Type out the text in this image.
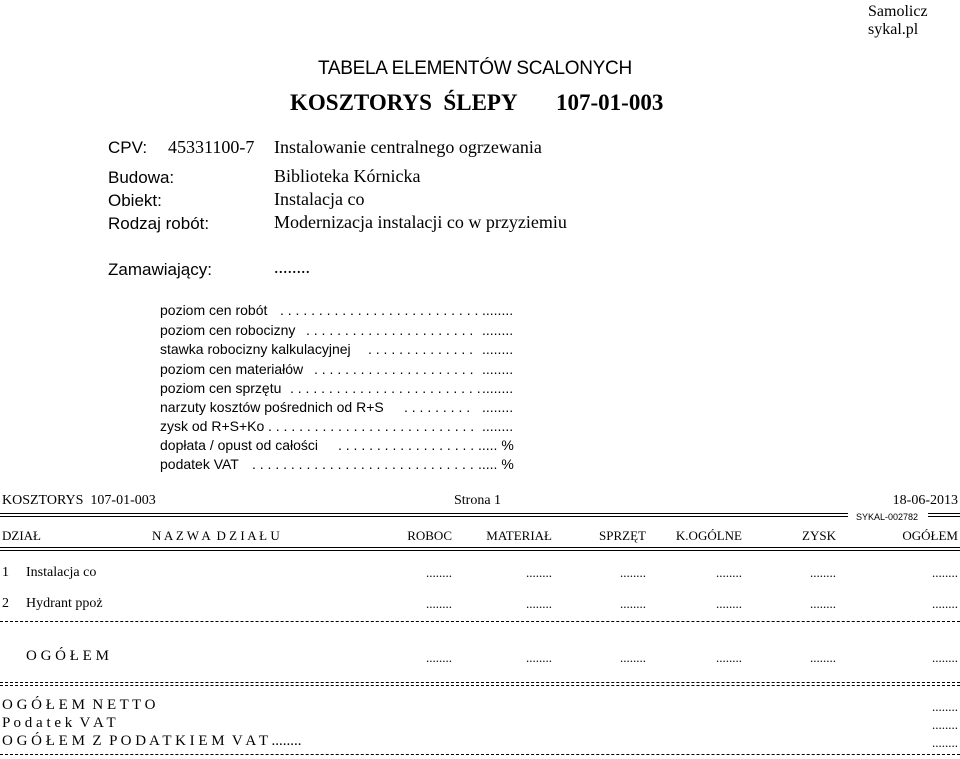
Samolicz
sykal.pl
TABELA ELEMENTÓW SCALONYCH
KOSZTORYS  ŚLEPY 107-01-003
CPV: 45331100-7 Instalowanie centralnego ogrzewania
Budowa:	Biblioteka Kórnicka
Obiekt:	Instalacja co
Rodzaj robót:	Modernizacja instalacji co w przyziemiu
Zamawiający:	........
poziom cen robót . . . . . . . . . . . . . . . . . . . . . . . . . . ........
poziom cen robocizny . . . . . . . . . . . . . . . . . . . . . . ........
stawka robocizny kalkulacyjnej . . . . . . . . . . . . . . ........
poziom cen materiałów . . . . . . . . . . . . . . . . . . . . . ........
poziom cen sprzętu . . . . . . . . . . . . . . . . . . . . . . . . . ........
narzuty kosztów pośrednich od R+S . . . . . . . . . ........
zysk od R+S+Ko . . . . . . . . . . . . . . . . . . . . . . . . . . . ........
dopłata / opust od całości . . . . . . . . . . . . . . . . . . ..... %
podatek VAT . . . . . . . . . . . . . . . . . . . . . . . . . . . . . ..... %
KOSZTORYS  107-01-003	Strona 1	18-06-2013
SYKAL-002782
DZIAŁ	N A Z W A  D Z I A Ł U	ROBOC	MATERIAŁ	SPRZĘT	K.OGÓLNE	ZYSK	OGÓŁEM
1 Instalacja co	........	........	........	........	........	........
2 Hydrant ppoż	........	........	........	........	........	........
O G Ó Ł E M	........	........	........	........	........	........
O G Ó Ł E M  N E T T O	........
P o d a t e k  V A T	........
O G Ó Ł E M  Z  P O D A T K I E M  V A T ........	........
